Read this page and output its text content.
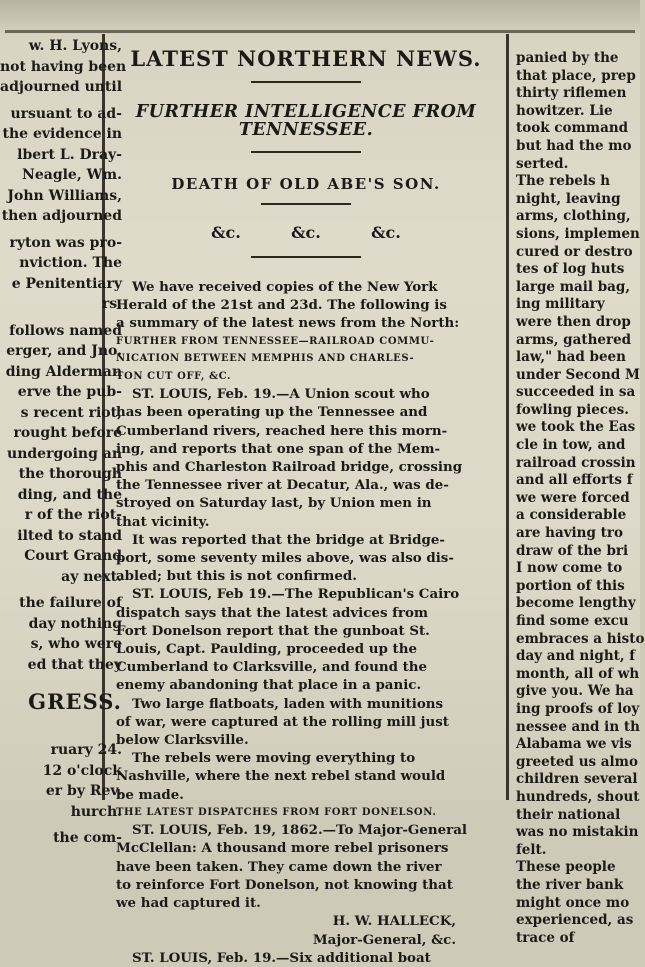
w. H. Lyons,
not having been
adjourned until

ursuant to ad-
the evidence in
lbert L. Dray-
Neagle, Wm.
John Williams,
then adjourned

ryton was pro-
nviction. The
e Penitentiary
rs.

follows named
erger, and Jno.
ding Alderman
erve the pub-
s recent riot,
rought before
undergoing an
the thorough
ding, and the
r of the riot-
ilted to stand
Court Grand
ay next.

the failure of
day nothing
s, who were
ed that they
GRESS.
ruary 24.
12 o'clock
er by Rev.
hurch.

the com-
LATEST NORTHERN NEWS.
FURTHER INTELLIGENCE FROM
TENNESSEE.
DEATH OF OLD ABE'S SON.
&c.	&c.	&c.
We have received copies of the New York
Herald of the 21st and 23d. The following is
a summary of the latest news from the North:
FURTHER FROM TENNESSEE—RAILROAD COMMU-
NICATION BETWEEN MEMPHIS AND CHARLES-
TON CUT OFF, &C.
ST. LOUIS, Feb. 19.—A Union scout who
has been operating up the Tennessee and
Cumberland rivers, reached here this morn-
ing, and reports that one span of the Mem-
phis and Charleston Railroad bridge, crossing
the Tennessee river at Decatur, Ala., was de-
stroyed on Saturday last, by Union men in
that vicinity.
It was reported that the bridge at Bridge-
port, some seventy miles above, was also dis-
abled; but this is not confirmed.
ST. LOUIS, Feb 19.—The Republican's Cairo
dispatch says that the latest advices from
Fort Donelson report that the gunboat St.
Louis, Capt. Paulding, proceeded up the
Cumberland to Clarksville, and found the
enemy abandoning that place in a panic.
Two large flatboats, laden with munitions
of war, were captured at the rolling mill just
below Clarksville.
The rebels were moving everything to
Nashville, where the next rebel stand would
be made.
THE LATEST DISPATCHES FROM FORT DONELSON.
ST. LOUIS, Feb. 19, 1862.—To Major-General
McClellan: A thousand more rebel prisoners
have been taken. They came down the river
to reinforce Fort Donelson, not knowing that
we had captured it.
H. W. HALLECK,
Major-General, &c.
ST. LOUIS, Feb. 19.—Six additional boat
panied by the
that place, prep
thirty riflemen
howitzer. Lie
took command
but had the mo
serted.
The rebels h
night, leaving
arms, clothing,
sions, implemen
cured or destro
tes of log huts
large mail bag,
ing military
were then drop
arms, gathered
law," had been
under Second M
succeeded in sa
fowling pieces.
we took the Eas
cle in tow, and
railroad crossin
and all efforts f
we were forced
a considerable
are having tro
draw of the bri
I now come to
portion of this
become lengthy
find some excu
embraces a histo
day and night, f
month, all of wh
give you. We ha
ing proofs of loy
nessee and in th
Alabama we vis
greeted us almo
children several
hundreds, shout
their national
was no mistakin
felt.
These people
the river bank
might once mo
experienced, as
trace of
